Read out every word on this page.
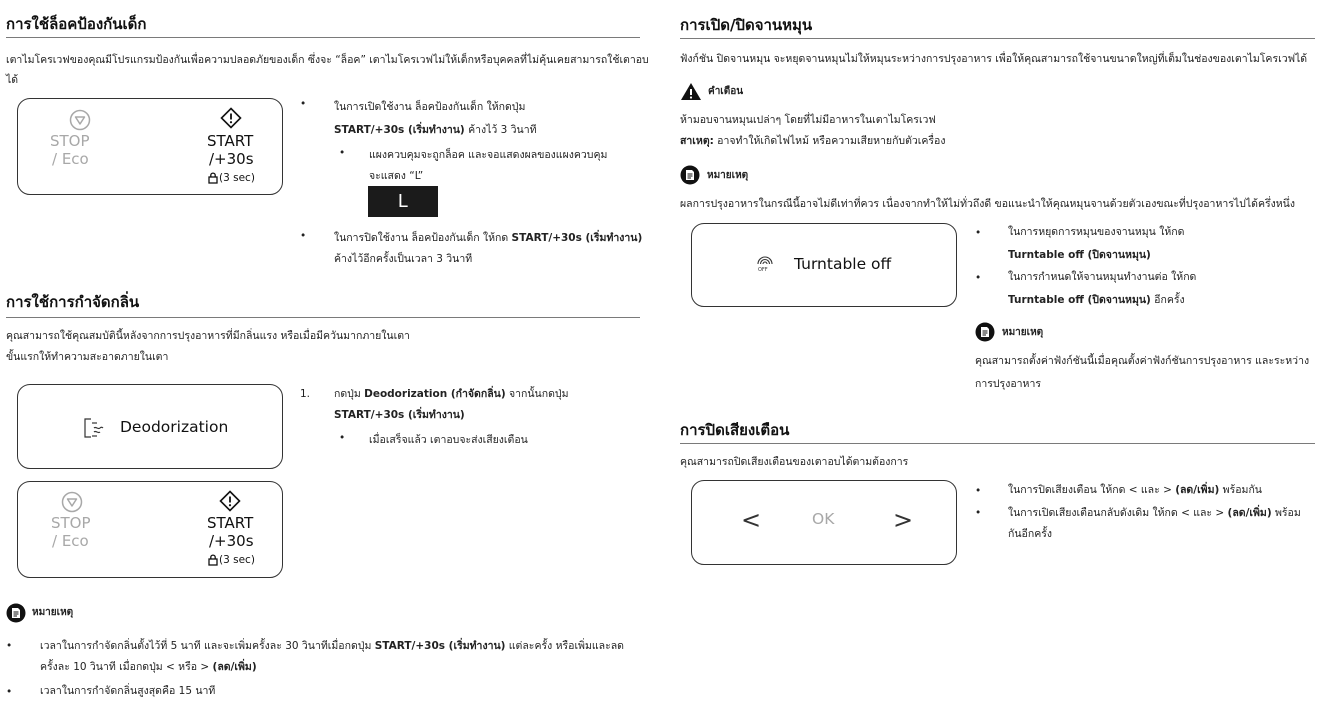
การใช้ล็อคป้องกันเด็ก
เตาไมโครเวฟของคุณมีโปรแกรมป้องกันเพื่อความปลอดภัยของเด็ก ซึ่งจะ “ล็อค” เตาไมโครเวฟไม่ให้เด็กหรือบุคคลที่ไม่คุ้นเคยสามารถใช้เตาอบ
ได้
STOP
/ Eco
START
/+30s
(3 sec)
•	ในการเปิดใช้งาน ล็อคป้องกันเด็ก ให้กดปุ่ม
START/+30s (เริ่มทำงาน) ค้างไว้ 3 วินาที
• แผงควบคุมจะถูกล็อค และจอแสดงผลของแผงควบคุม
จะแสดง “L”
L
•	ในการปิดใช้งาน ล็อคป้องกันเด็ก ให้กด START/+30s (เริ่มทำงาน)
ค้างไว้อีกครั้งเป็นเวลา 3 วินาที
การใช้การกำจัดกลิ่น
คุณสามารถใช้คุณสมบัตินี้หลังจากการปรุงอาหารที่มีกลิ่นแรง หรือเมื่อมีควันมากภายในเตา
ขั้นแรกให้ทำความสะอาดภายในเตา
Deodorization
1. กดปุ่ม Deodorization (กำจัดกลิ่น) จากนั้นกดปุ่ม
START/+30s (เริ่มทำงาน)
• เมื่อเสร็จแล้ว เตาอบจะส่งเสียงเตือน
STOP
/ Eco
START
/+30s
(3 sec)
หมายเหตุ
•	เวลาในการกำจัดกลิ่นตั้งไว้ที่ 5 นาที และจะเพิ่มครั้งละ 30 วินาทีเมื่อกดปุ่ม START/+30s (เริ่มทำงาน) แต่ละครั้ง หรือเพิ่มและลด
ครั้งละ 10 วินาที เมื่อกดปุ่ม < หรือ > (ลด/เพิ่ม)
•	เวลาในการกำจัดกลิ่นสูงสุดคือ 15 นาที
การเปิด/ปิดจานหมุน
ฟังก์ชัน ปิดจานหมุน จะหยุดจานหมุนไม่ให้หมุนระหว่างการปรุงอาหาร เพื่อให้คุณสามารถใช้จานขนาดใหญ่ที่เต็มในช่องของเตาไมโครเวฟได้
คำเตือน
ห้ามอบจานหมุนเปล่าๆ โดยที่ไม่มีอาหารในเตาไมโครเวฟ
สาเหตุ: อาจทำให้เกิดไฟไหม้ หรือความเสียหายกับตัวเครื่อง
หมายเหตุ
ผลการปรุงอาหารในกรณีนี้อาจไม่ดีเท่าที่ควร เนื่องจากทำให้ไม่ทั่วถึงดี ขอแนะนำให้คุณหมุนจานด้วยตัวเองขณะที่ปรุงอาหารไปได้ครึ่งหนึ่ง
OFF Turntable off
•	ในการหยุดการหมุนของจานหมุน ให้กด
Turntable off (ปิดจานหมุน)
•	ในการกำหนดให้จานหมุนทำงานต่อ ให้กด
Turntable off (ปิดจานหมุน) อีกครั้ง
หมายเหตุ
คุณสามารถตั้งค่าฟังก์ชันนี้เมื่อคุณตั้งค่าฟังก์ชันการปรุงอาหาร และระหว่าง
การปรุงอาหาร
การปิดเสียงเตือน
คุณสามารถปิดเสียงเตือนของเตาอบได้ตามต้องการ
<	OK >
•	ในการปิดเสียงเตือน ให้กด < และ > (ลด/เพิ่ม) พร้อมกัน
•	ในการเปิดเสียงเตือนกลับดังเดิม ให้กด < และ > (ลด/เพิ่ม) พร้อม
กันอีกครั้ง
